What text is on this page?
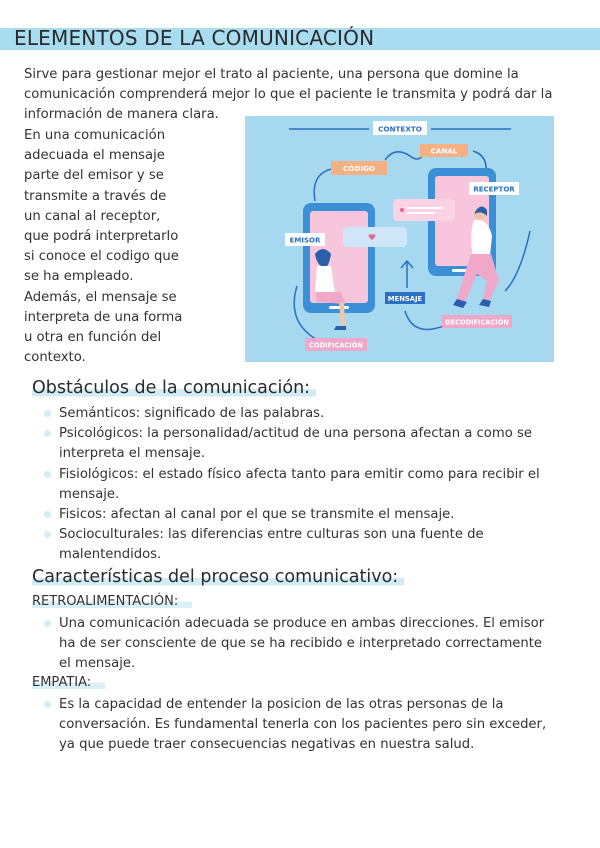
ELEMENTOS DE LA COMUNICACIÓN

Sirve para gestionar mejor el trato al paciente, una persona que domine la comunicación comprenderá mejor lo que el paciente le transmita y podrá dar la información de manera clara.

En una comunicación adecuada el mensaje parte del emisor y se transmite a través de un canal al receptor, que podrá interpretarlo si conoce el codigo que se ha empleado. Además, el mensaje se interpreta de una forma u otra en función del contexto.

CONTEXTO
CANAL
CÓDIGO
RECEPTOR
EMISOR
MENSAJE
DECODIFICACIÓN
CODIFICACIÓN
Obstáculos de la comunicación:
Semánticos: significado de las palabras.
Psicológicos: la personalidad/actitud de una persona afectan a como se interpreta el mensaje.
Fisiológicos: el estado físico afecta tanto para emitir como para recibir el mensaje.
Fisicos: afectan al canal por el que se transmite el mensaje.
Socioculturales: las diferencias entre culturas son una fuente de malentendidos.
Características del proceso comunicativo:
RETROALIMENTACIÓN:
Una comunicación adecuada se produce en ambas direcciones. El emisor ha de ser consciente de que se ha recibido e interpretado correctamente el mensaje.
EMPATIA:
Es la capacidad de entender la posicion de las otras personas de la conversación. Es fundamental tenerla con los pacientes pero sin exceder, ya que puede traer consecuencias negativas en nuestra salud.
